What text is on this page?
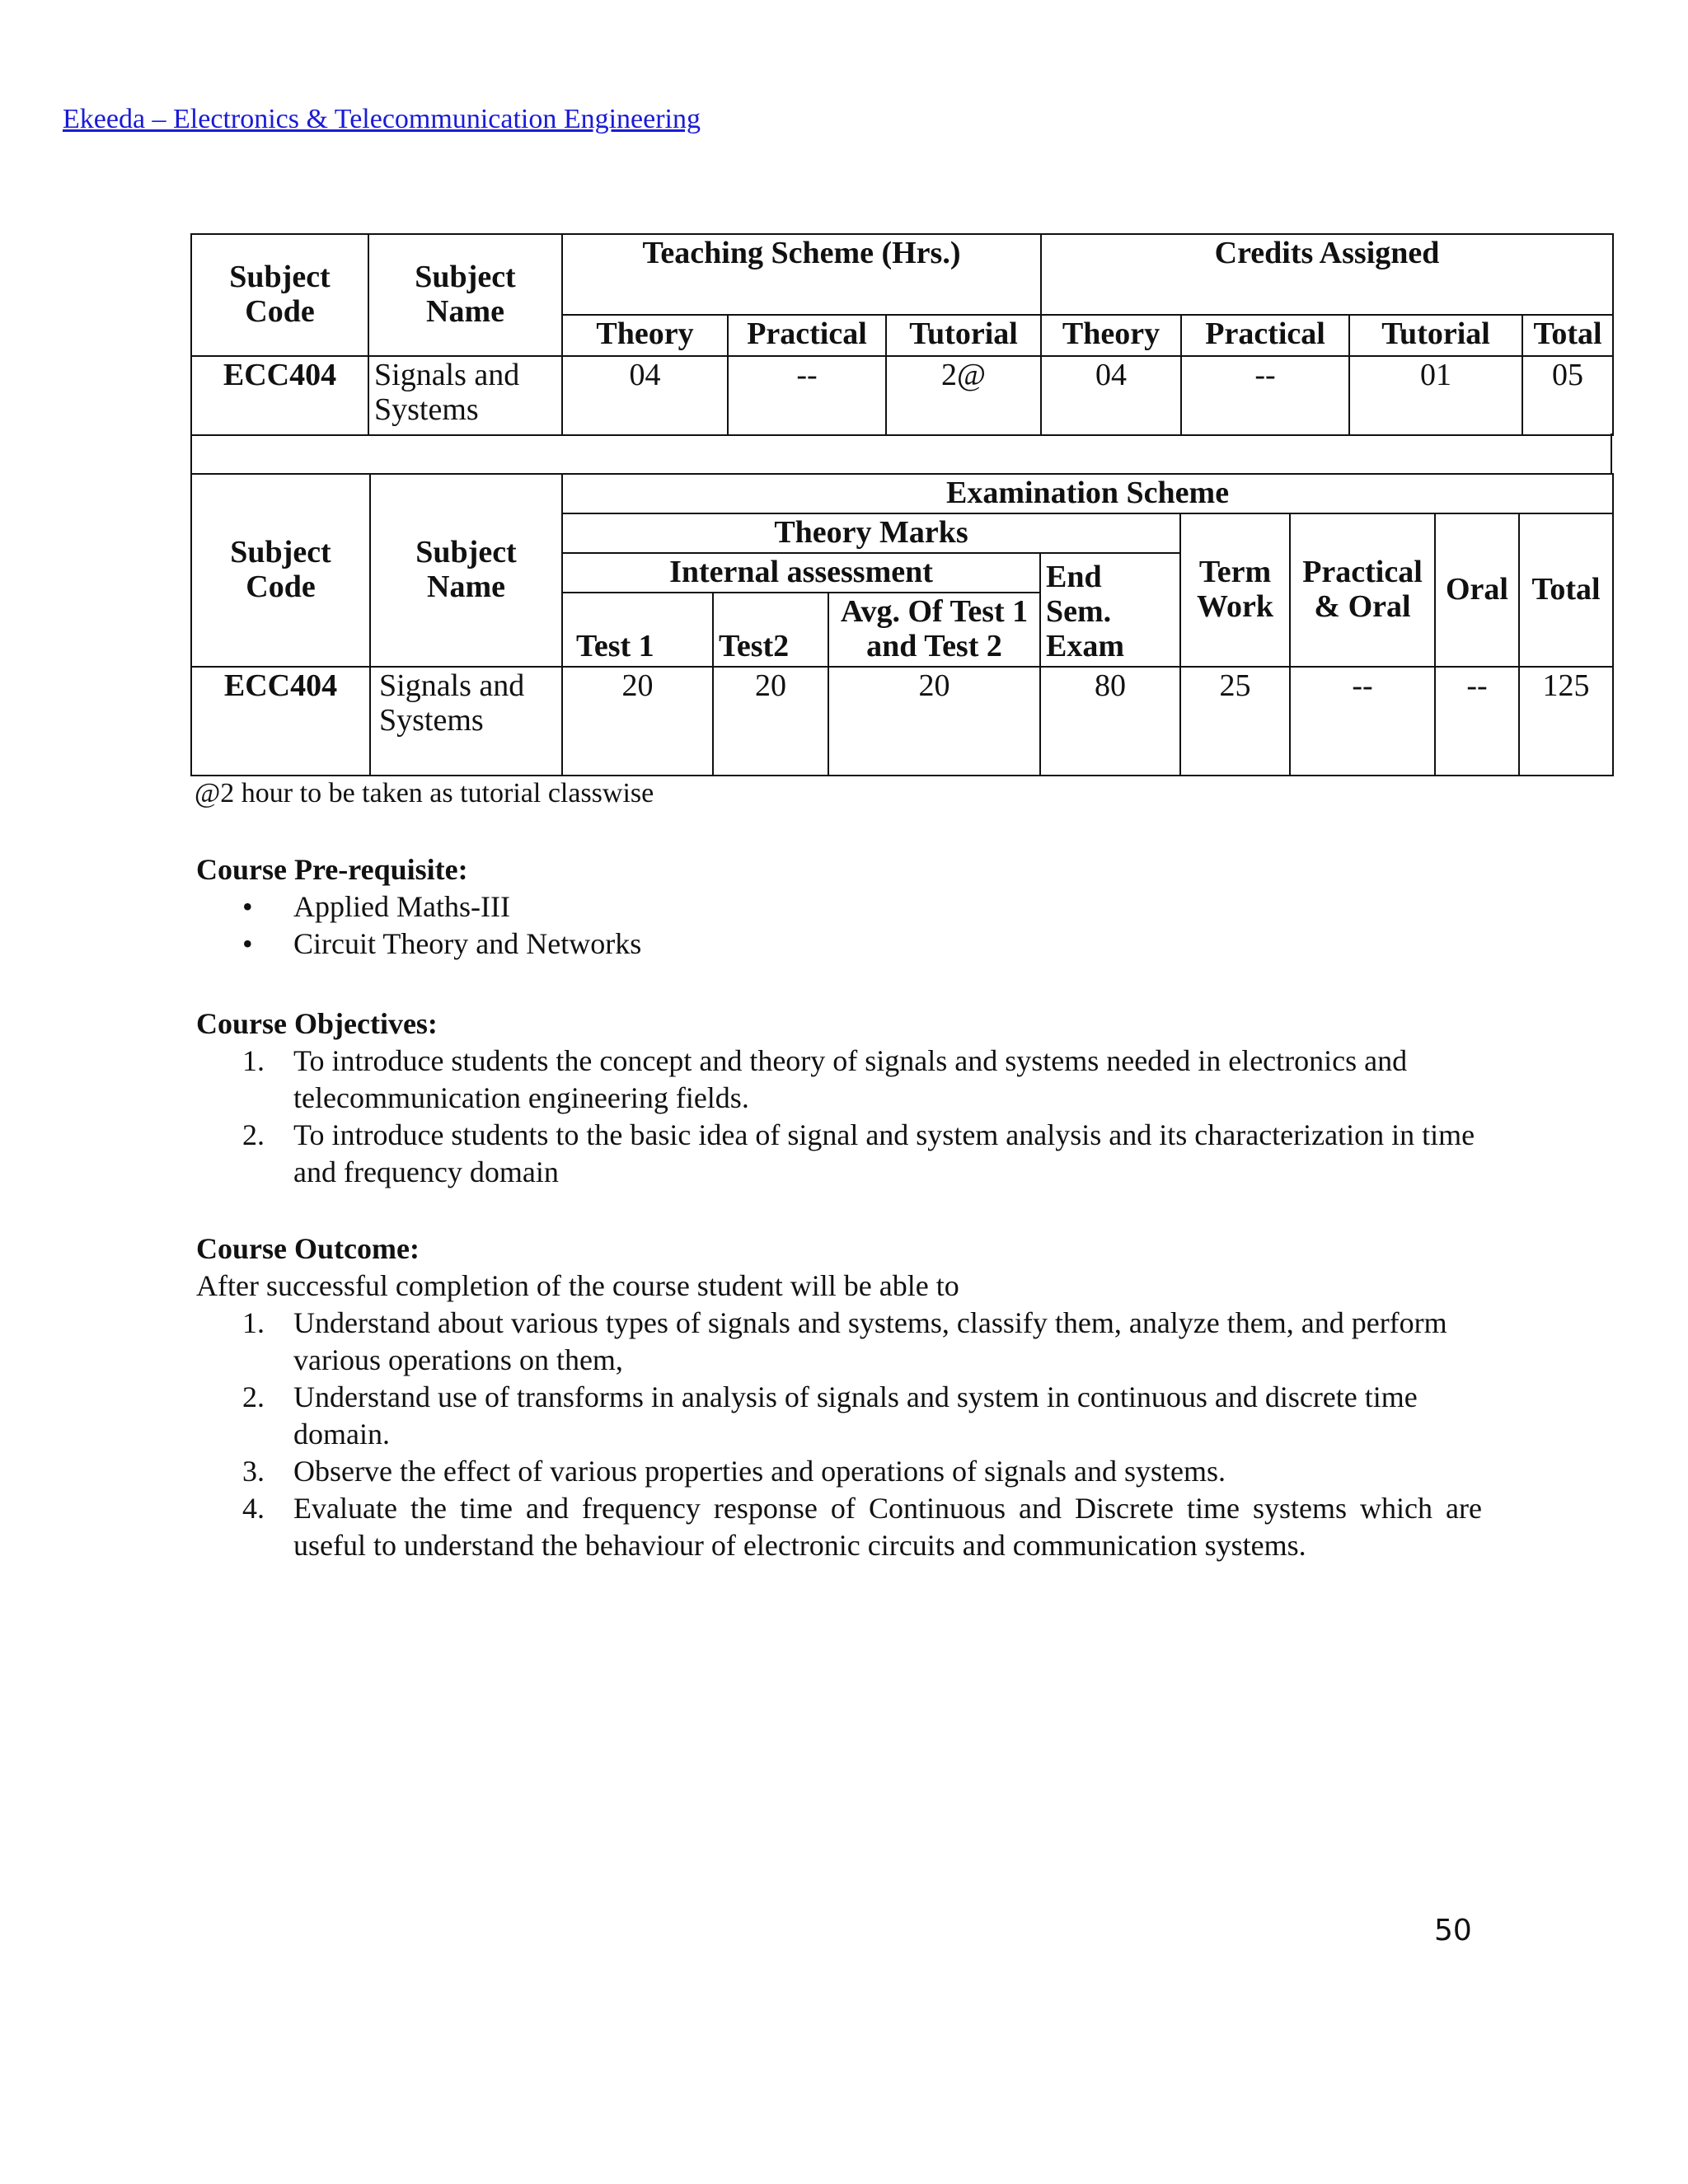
Ekeeda – Electronics & Telecommunication Engineering
Subject Code	Subject Name	Teaching Scheme (Hrs.)			Credits Assigned			
		Theory	Practical	Tutorial	Theory	Practical	Tutorial	Total
ECC404	Signals and Systems	04	--	2@	04	--	01	05
Subject Code	Subject Name	Examination Scheme							
		Theory Marks				Term Work	Practical & Oral	Oral	Total
		Internal assessment			End Sem. Exam				
		Test 1	Test2	Avg. Of Test 1 and Test 2					
ECC404	Signals and Systems	20	20	20	80	25	--	--	125
@2 hour to be taken as tutorial classwise
Course Pre-requisite:
• Applied Maths-III
• Circuit Theory and Networks
Course Objectives:
1. To introduce students the concept and theory of signals and systems needed in electronics and telecommunication engineering fields.
2. To introduce students to the basic idea of signal and system analysis and its characterization in time and frequency domain
Course Outcome:
After successful completion of the course student will be able to
1. Understand about various types of signals and systems, classify them, analyze them, and perform various operations on them,
2. Understand use of transforms in analysis of signals and system in continuous and discrete time domain.
3. Observe the effect of various properties and operations of signals and systems.
4. Evaluate the time and frequency response of Continuous and Discrete time systems which are useful to understand the behaviour of electronic circuits and communication systems.
50
